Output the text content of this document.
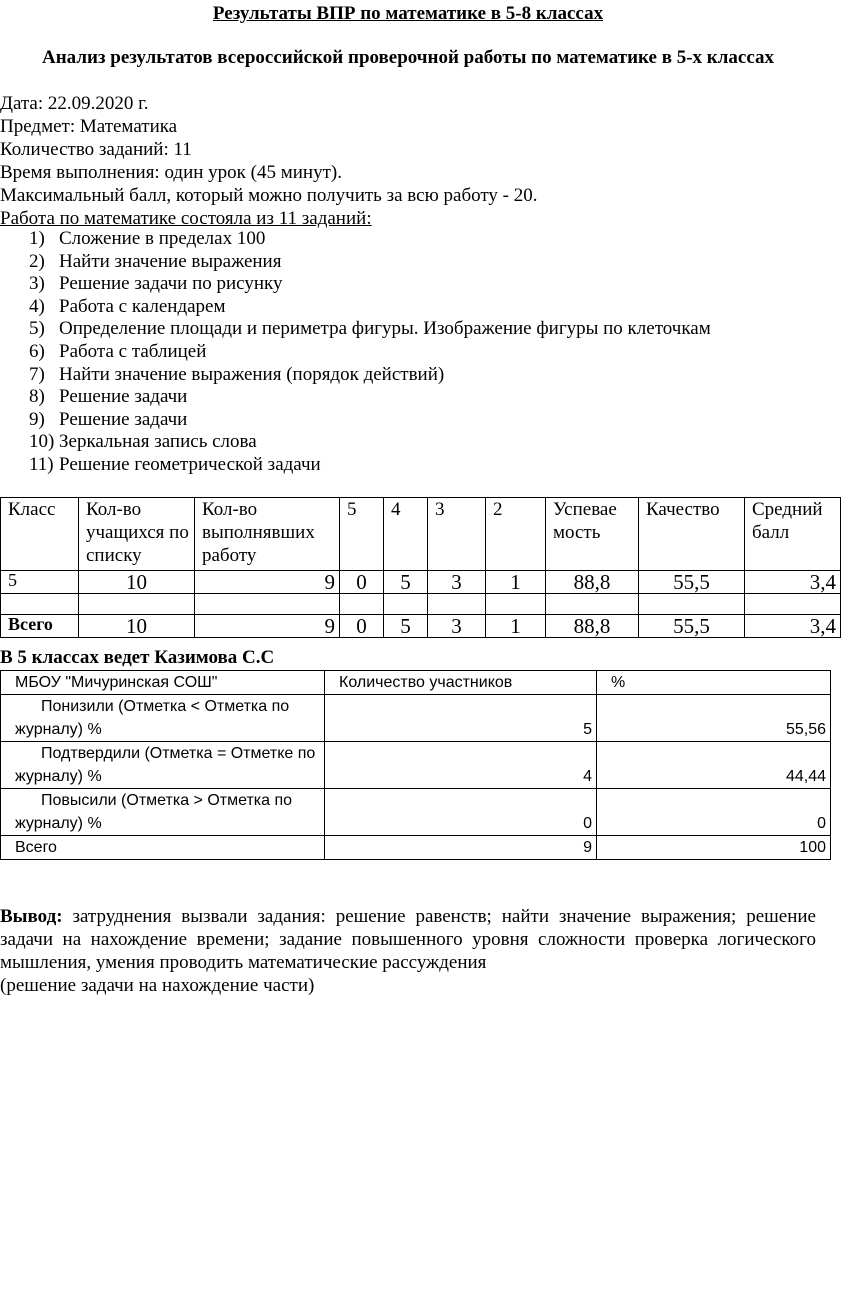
Результаты ВПР по математике в 5-8 классах
Анализ результатов всероссийской проверочной работы по математике в 5-х классах
Дата: 22.09.2020 г.
Предмет: Математика
Количество заданий: 11
Время выполнения: один урок (45 минут).
Максимальный балл, который можно получить за всю работу - 20.
Работа по математике состояла из 11 заданий:
1) Сложение в пределах 100
2) Найти значение выражения
3) Решение задачи по рисунку
4) Работа с календарем
5) Определение площади и периметра фигуры. Изображение фигуры по клеточкам
6) Работа с таблицей
7) Найти значение выражения (порядок действий)
8) Решение задачи
9) Решение задачи
10) Зеркальная запись слова
11) Решение геометрической задачи
Класс	Кол-во учащихся по списку	Кол-во выполнявших работу	5	4	3	2	Успевае мость	Качество	Средний балл
5	10	9	0	5	3	1	88,8	55,5	3,4

Всего	10	9	0	5	3	1	88,8	55,5	3,4
В 5 классах ведет Казимова С.С
МБОУ "Мичуринская СОШ"	Количество участников	%

Понизили (Отметка < Отметка по
журналу) %	5	55,56

Подтвердили (Отметка = Отметке по
журналу) %	4	44,44

Повысили (Отметка > Отметка по
журналу) %	0	0
Всего	9	100

Вывод: затруднения вызвали задания: решение равенств; найти значение выражения; решение задачи на нахождение времени; задание повышенного уровня сложности проверка логического мышления, умения проводить математические рассуждения

(решение задачи на нахождение части)
